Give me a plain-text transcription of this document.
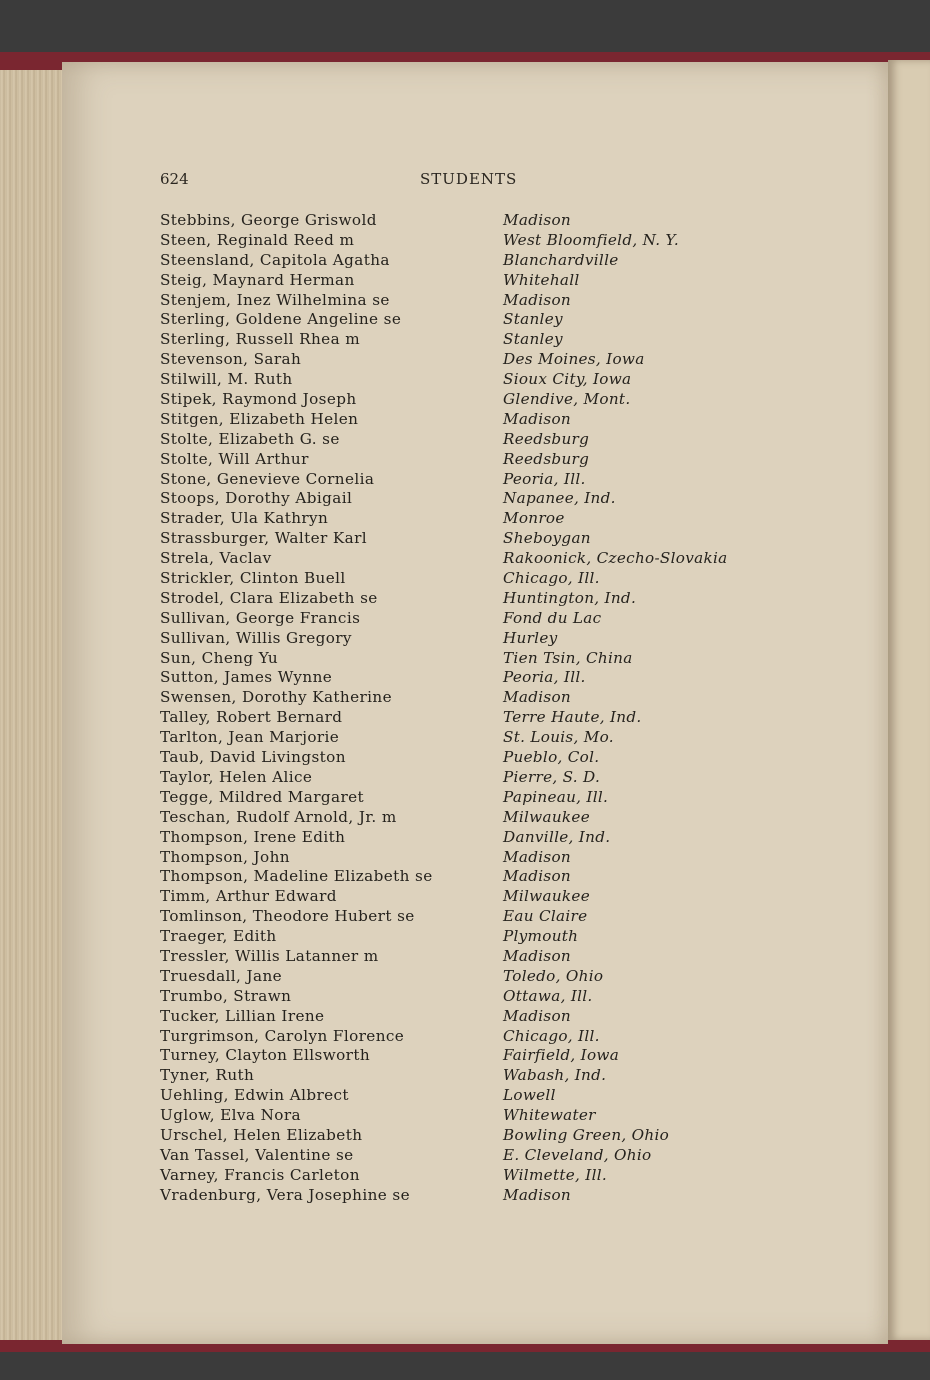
624	STUDENTS
Stebbins, George Griswold	Madison
Steen, Reginald Reed m	West Bloomfield, N. Y.
Steensland, Capitola Agatha	Blanchardville
Steig, Maynard Herman	Whitehall
Stenjem, Inez Wilhelmina se	Madison
Sterling, Goldene Angeline se	Stanley
Sterling, Russell Rhea m	Stanley
Stevenson, Sarah	Des Moines, Iowa
Stilwill, M. Ruth	Sioux City, Iowa
Stipek, Raymond Joseph	Glendive, Mont.
Stitgen, Elizabeth Helen	Madison
Stolte, Elizabeth G. se	Reedsburg
Stolte, Will Arthur	Reedsburg
Stone, Genevieve Cornelia	Peoria, Ill.
Stoops, Dorothy Abigail	Napanee, Ind.
Strader, Ula Kathryn	Monroe
Strassburger, Walter Karl	Sheboygan
Strela, Vaclav	Rakoonick, Czecho-Slovakia
Strickler, Clinton Buell	Chicago, Ill.
Strodel, Clara Elizabeth se	Huntington, Ind.
Sullivan, George Francis	Fond du Lac
Sullivan, Willis Gregory	Hurley
Sun, Cheng Yu	Tien Tsin, China
Sutton, James Wynne	Peoria, Ill.
Swensen, Dorothy Katherine	Madison
Talley, Robert Bernard	Terre Haute, Ind.
Tarlton, Jean Marjorie	St. Louis, Mo.
Taub, David Livingston	Pueblo, Col.
Taylor, Helen Alice	Pierre, S. D.
Tegge, Mildred Margaret	Papineau, Ill.
Teschan, Rudolf Arnold, Jr. m	Milwaukee
Thompson, Irene Edith	Danville, Ind.
Thompson, John	Madison
Thompson, Madeline Elizabeth se	Madison
Timm, Arthur Edward	Milwaukee
Tomlinson, Theodore Hubert se	Eau Claire
Traeger, Edith	Plymouth
Tressler, Willis Latanner m	Madison
Truesdall, Jane	Toledo, Ohio
Trumbo, Strawn	Ottawa, Ill.
Tucker, Lillian Irene	Madison
Turgrimson, Carolyn Florence	Chicago, Ill.
Turney, Clayton Ellsworth	Fairfield, Iowa
Tyner, Ruth	Wabash, Ind.
Uehling, Edwin Albrect	Lowell
Uglow, Elva Nora	Whitewater
Urschel, Helen Elizabeth	Bowling Green, Ohio
Van Tassel, Valentine se	E. Cleveland, Ohio
Varney, Francis Carleton	Wilmette, Ill.
Vradenburg, Vera Josephine se	Madison
